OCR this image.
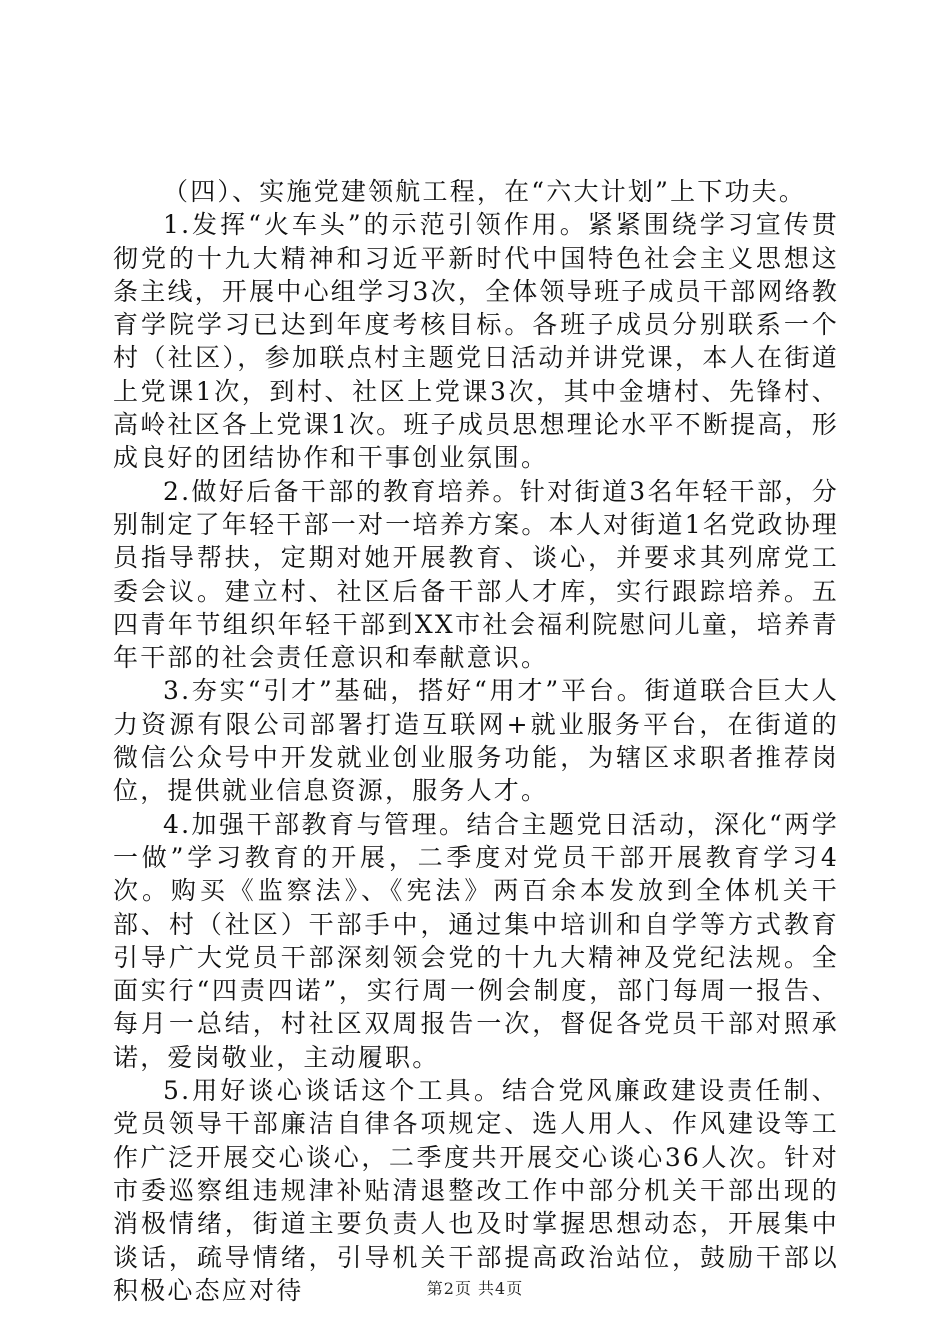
（四）、实施党建领航工程，在“六大计划”上下功夫。

1.发挥“火车头”的示范引领作用。紧紧围绕学习宣传贯彻党的十九大精神和习近平新时代中国特色社会主义思想这条主线，开展中心组学习3次，全体领导班子成员干部网络教育学院学习已达到年度考核目标。各班子成员分别联系一个村（社区），参加联点村主题党日活动并讲党课，本人在街道上党课1次，到村、社区上党课3次，其中金塘村、先锋村、高岭社区各上党课1次。班子成员思想理论水平不断提高，形成良好的团结协作和干事创业氛围。

2.做好后备干部的教育培养。针对街道3名年轻干部，分别制定了年轻干部一对一培养方案。本人对街道1名党政协理员指导帮扶，定期对她开展教育、谈心，并要求其列席党工委会议。建立村、社区后备干部人才库，实行跟踪培养。五四青年节组织年轻干部到XX市社会福利院慰问儿童，培养青年干部的社会责任意识和奉献意识。

3.夯实“引才”基础，搭好“用才”平台。街道联合巨大人力资源有限公司部署打造互联网+就业服务平台，在街道的微信公众号中开发就业创业服务功能，为辖区求职者推荐岗位，提供就业信息资源，服务人才。

4.加强干部教育与管理。结合主题党日活动，深化“两学一做”学习教育的开展，二季度对党员干部开展教育学习4次。购买《监察法》、《宪法》两百余本发放到全体机关干部、村（社区）干部手中，通过集中培训和自学等方式教育引导广大党员干部深刻领会党的十九大精神及党纪法规。全面实行“四责四诺”，实行周一例会制度，部门每周一报告、每月一总结，村社区双周报告一次，督促各党员干部对照承诺，爱岗敬业，主动履职。

5.用好谈心谈话这个工具。结合党风廉政建设责任制、党员领导干部廉洁自律各项规定、选人用人、作风建设等工作广泛开展交心谈心，二季度共开展交心谈心36人次。针对市委巡察组违规津补贴清退整改工作中部分机关干部出现的消极情绪，街道主要负责人也及时掌握思想动态，开展集中谈话，疏导情绪，引导机关干部提高政治站位，鼓励干部以积极心态应对待	第2页 共4页
